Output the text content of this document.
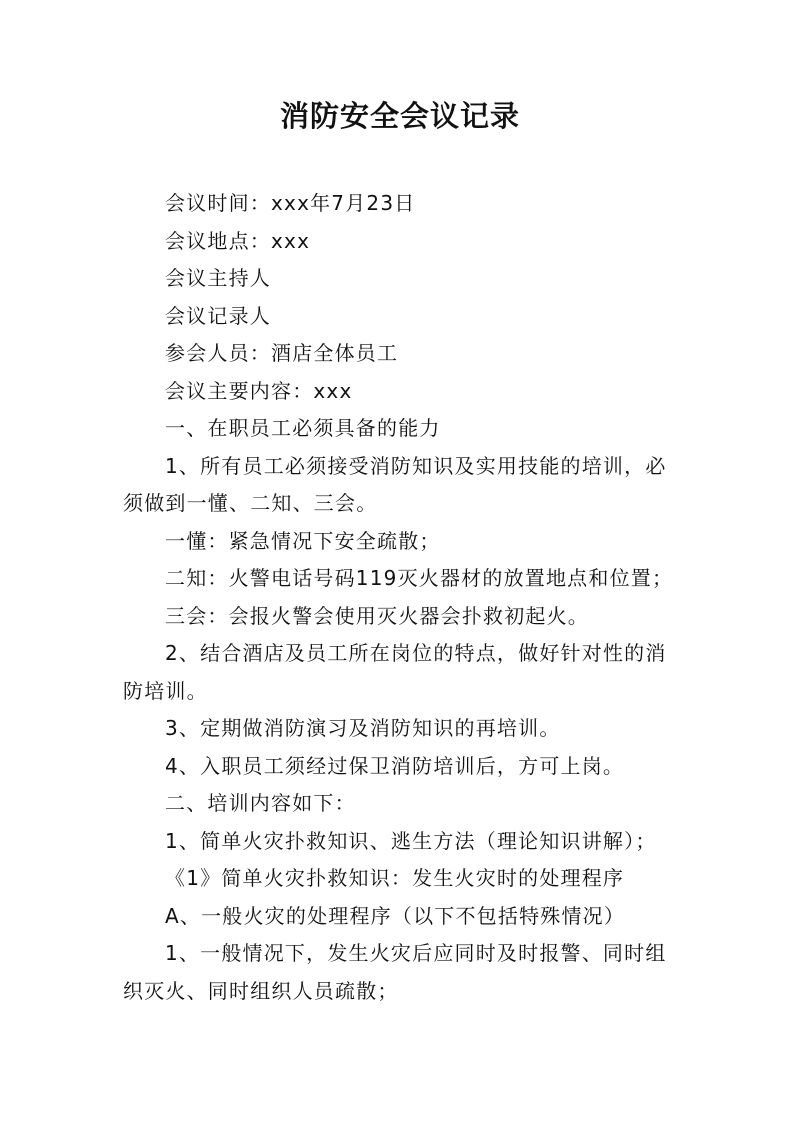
消防安全会议记录

会议时间：xxx年7月23日

会议地点：xxx

会议主持人

会议记录人

参会人员：酒店全体员工

会议主要内容：xxx

一、在职员工必须具备的能力

1、所有员工必须接受消防知识及实用技能的培训，必须做到一懂、二知、三会。

一懂：紧急情况下安全疏散；

二知：火警电话号码119灭火器材的放置地点和位置；

三会：会报火警会使用灭火器会扑救初起火。

2、结合酒店及员工所在岗位的特点，做好针对性的消防培训。

3、定期做消防演习及消防知识的再培训。

4、入职员工须经过保卫消防培训后，方可上岗。

二、培训内容如下：

1、简单火灾扑救知识、逃生方法（理论知识讲解）；

《1》简单火灾扑救知识：发生火灾时的处理程序

A、一般火灾的处理程序（以下不包括特殊情况）

1、一般情况下，发生火灾后应同时及时报警、同时组织灭火、同时组织人员疏散；
